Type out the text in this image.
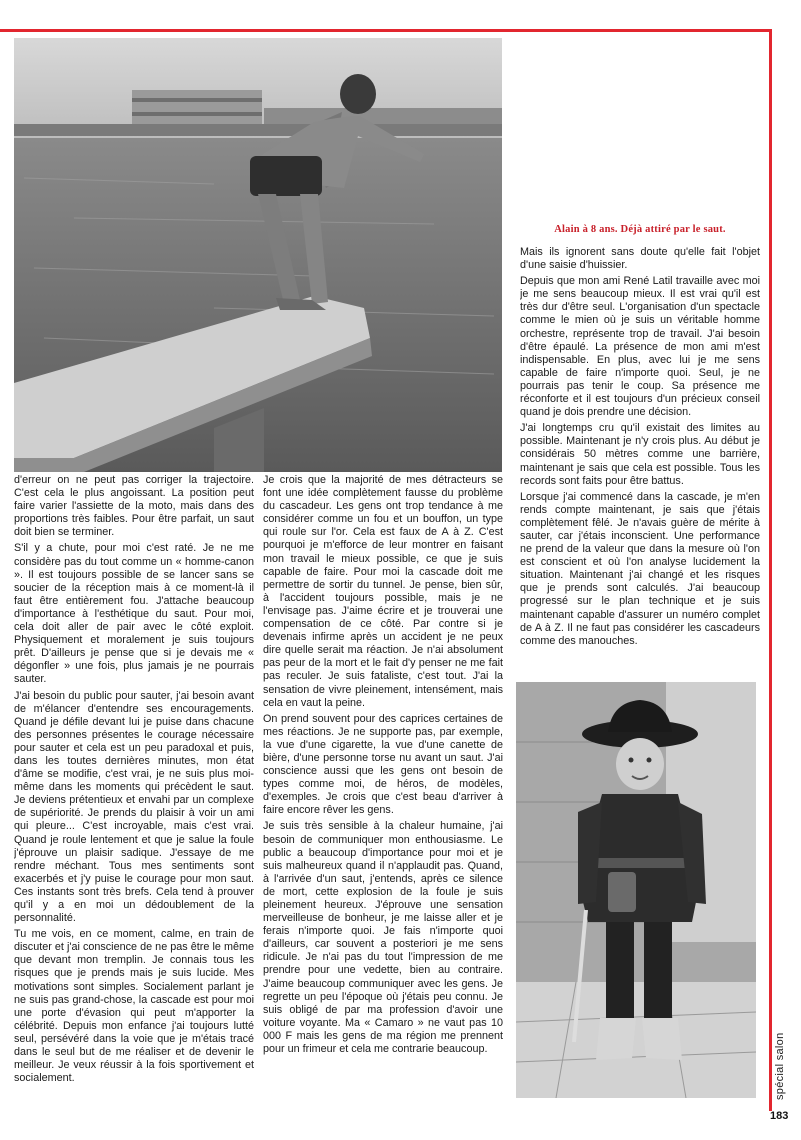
Alain à 8 ans. Déjà attiré par le saut.

d'erreur on ne peut pas corriger la trajectoire. C'est cela le plus angoissant. La position peut faire varier l'assiette de la moto, mais dans des proportions très faibles. Pour être parfait, un saut doit bien se terminer.

S'il y a chute, pour moi c'est raté. Je ne me considère pas du tout comme un « homme-canon ». Il est toujours possible de se lancer sans se soucier de la réception mais à ce moment-là il faut être entièrement fou. J'attache beaucoup d'importance à l'esthétique du saut. Pour moi, cela doit aller de pair avec le côté exploit. Physiquement et moralement je suis toujours prêt. D'ailleurs je pense que si je devais me « dégonfler » une fois, plus jamais je ne pourrais sauter.

J'ai besoin du public pour sauter, j'ai besoin avant de m'élancer d'entendre ses encouragements. Quand je défile devant lui je puise dans chacune des personnes présentes le courage nécessaire pour sauter et cela est un peu paradoxal et puis, dans les toutes dernières minutes, mon état d'âme se modifie, c'est vrai, je ne suis plus moi-même dans les moments qui précèdent le saut. Je deviens prétentieux et envahi par un complexe de supériorité. Je prends du plaisir à voir un ami qui pleure... C'est incroyable, mais c'est vrai. Quand je roule lentement et que je salue la foule j'éprouve un plaisir sadique. J'essaye de me rendre méchant. Tous mes sentiments sont exacerbés et j'y puise le courage pour mon saut. Ces instants sont très brefs. Cela tend à prouver qu'il y a en moi un dédoublement de la personnalité.

Tu me vois, en ce moment, calme, en train de discuter et j'ai conscience de ne pas être le même que devant mon tremplin. Je connais tous les risques que je prends mais je suis lucide. Mes motivations sont simples. Socialement parlant je ne suis pas grand-chose, la cascade est pour moi une porte d'évasion qui peut m'apporter la célébrité. Depuis mon enfance j'ai toujours lutté seul, persévéré dans la voie que je m'étais tracé dans le seul but de me réaliser et de devenir le meilleur. Je veux réussir à la fois sportivement et socialement.

Je crois que la majorité de mes détracteurs se font une idée complètement fausse du problème du cascadeur. Les gens ont trop tendance à me considérer comme un fou et un bouffon, un type qui roule sur l'or. Cela est faux de A à Z. C'est pourquoi je m'efforce de leur montrer en faisant mon travail le mieux possible, ce que je suis capable de faire. Pour moi la cascade doit me permettre de sortir du tunnel. Je pense, bien sûr, à l'accident toujours possible, mais je ne l'envisage pas. J'aime écrire et je trouverai une compensation de ce côté. Par contre si je devenais infirme après un accident je ne peux dire quelle serait ma réaction. Je n'ai absolument pas peur de la mort et le fait d'y penser ne me fait pas reculer. Je suis fataliste, c'est tout. J'ai la sensation de vivre pleinement, intensément, mais cela en vaut la peine.

On prend souvent pour des caprices certaines de mes réactions. Je ne supporte pas, par exemple, la vue d'une cigarette, la vue d'une canette de bière, d'une personne torse nu avant un saut. J'ai conscience aussi que les gens ont besoin de types comme moi, de héros, de modèles, d'exemples. Je crois que c'est beau d'arriver à faire encore rêver les gens.

Je suis très sensible à la chaleur humaine, j'ai besoin de communiquer mon enthousiasme. Le public a beaucoup d'importance pour moi et je suis malheureux quand il n'applaudit pas. Quand, à l'arrivée d'un saut, j'entends, après ce silence de mort, cette explosion de la foule je suis pleinement heureux. J'éprouve une sensation merveilleuse de bonheur, je me laisse aller et je ferais n'importe quoi. Je fais n'importe quoi d'ailleurs, car souvent a posteriori je me sens ridicule. Je n'ai pas du tout l'impression de me prendre pour une vedette, bien au contraire. J'aime beaucoup communiquer avec les gens. Je regrette un peu l'époque où j'étais peu connu. Je suis obligé de par ma profession d'avoir une voiture voyante. Ma « Camaro » ne vaut pas 10 000 F mais les gens de ma région me prennent pour un frimeur et cela me contrarie beaucoup.

Mais ils ignorent sans doute qu'elle fait l'objet d'une saisie d'huissier.

Depuis que mon ami René Latil travaille avec moi je me sens beaucoup mieux. Il est vrai qu'il est très dur d'être seul. L'organisation d'un spectacle comme le mien où je suis un véritable homme orchestre, représente trop de travail. J'ai besoin d'être épaulé. La présence de mon ami m'est indispensable. En plus, avec lui je me sens capable de faire n'importe quoi. Seul, je ne pourrais pas tenir le coup. Sa présence me réconforte et il est toujours d'un précieux conseil quand je dois prendre une décision.

J'ai longtemps cru qu'il existait des limites au possible. Maintenant je n'y crois plus. Au début je considérais 50 mètres comme une barrière, maintenant je sais que cela est possible. Tous les records sont faits pour être battus.

Lorsque j'ai commencé dans la cascade, je m'en rends compte maintenant, je sais que j'étais complètement fêlé. Je n'avais guère de mérite à sauter, car j'étais inconscient. Une performance ne prend de la valeur que dans la mesure où l'on est conscient et où l'on analyse lucidement la situation. Maintenant j'ai changé et les risques que je prends sont calculés. J'ai beaucoup progressé sur le plan technique et je suis maintenant capable d'assurer un numéro complet de A à Z. Il ne faut pas considérer les cascadeurs comme des manouches.

spécial salon
183
